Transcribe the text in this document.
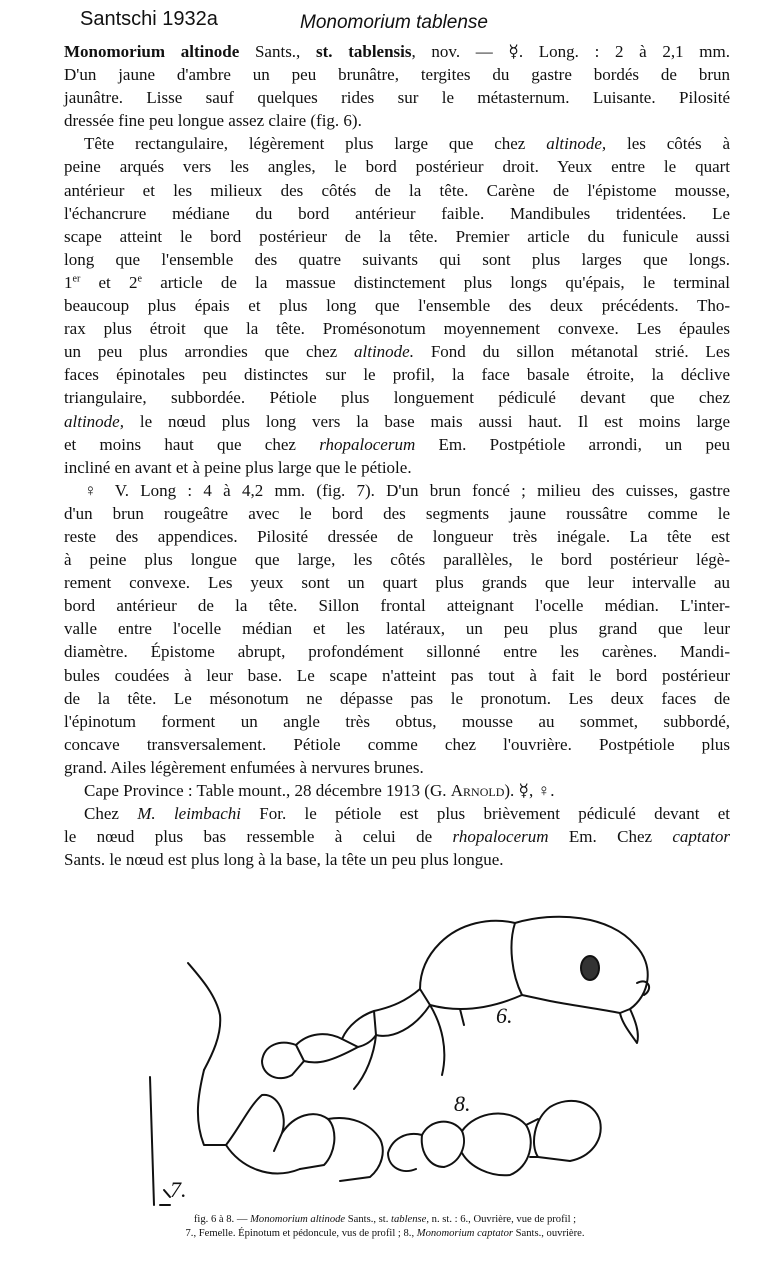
Santschi 1932a	Monomorium tablense
Monomorium altinode Sants., st. tablensis, nov. — ☿. Long. : 2 à 2,1 mm.
D'un jaune d'ambre un peu brunâtre, tergites du gastre bordés de brun
jaunâtre. Lisse sauf quelques rides sur le métasternum. Luisante. Pilosité
dressée fine peu longue assez claire (fig. 6).
Tête rectangulaire, légèrement plus large que chez altinode, les côtés à
peine arqués vers les angles, le bord postérieur droit. Yeux entre le quart
antérieur et les milieux des côtés de la tête. Carène de l'épistome mousse,
l'échancrure médiane du bord antérieur faible. Mandibules tridentées. Le
scape atteint le bord postérieur de la tête. Premier article du funicule aussi
long que l'ensemble des quatre suivants qui sont plus larges que longs.
1er et 2e article de la massue distinctement plus longs qu'épais, le terminal
beaucoup plus épais et plus long que l'ensemble des deux précédents. Tho-
rax plus étroit que la tête. Promésonotum moyennement convexe. Les épaules
un peu plus arrondies que chez altinode. Fond du sillon métanotal strié. Les
faces épinotales peu distinctes sur le profil, la face basale étroite, la déclive
triangulaire, subbordée. Pétiole plus longuement pédiculé devant que chez
altinode, le nœud plus long vers la base mais aussi haut. Il est moins large
et moins haut que chez rhopalocerum Em. Postpétiole arrondi, un peu
incliné en avant et à peine plus large que le pétiole.
♀ V. Long : 4 à 4,2 mm. (fig. 7). D'un brun foncé ; milieu des cuisses, gastre
d'un brun rougeâtre avec le bord des segments jaune roussâtre comme le
reste des appendices. Pilosité dressée de longueur très inégale. La tête est
à peine plus longue que large, les côtés parallèles, le bord postérieur légè-
rement convexe. Les yeux sont un quart plus grands que leur intervalle au
bord antérieur de la tête. Sillon frontal atteignant l'ocelle médian. L'inter-
valle entre l'ocelle médian et les latéraux, un peu plus grand que leur
diamètre. Épistome abrupt, profondément sillonné entre les carènes. Mandi-
bules coudées à leur base. Le scape n'atteint pas tout à fait le bord postérieur
de la tête. Le mésonotum ne dépasse pas le pronotum. Les deux faces de
l'épinotum forment un angle très obtus, mousse au sommet, subbordé,
concave transversalement. Pétiole comme chez l'ouvrière. Postpétiole plus
grand. Ailes légèrement enfumées à nervures brunes.
Cape Province : Table mount., 28 décembre 1913 (G. Arnold). ☿, ♀.
Chez M. leimbachi For. le pétiole est plus brièvement pédiculé devant et
le nœud plus bas ressemble à celui de rhopalocerum Em. Chez captator
Sants. le nœud est plus long à la base, la tête un peu plus longue.
6.
8.
7.
fig. 6 à 8. — Monomorium altinode Sants., st. tablense, n. st. : 6., Ouvrière, vue de profil ;
7., Femelle. Épinotum et pédoncule, vus de profil ; 8., Monomorium captator Sants., ouvrière.
